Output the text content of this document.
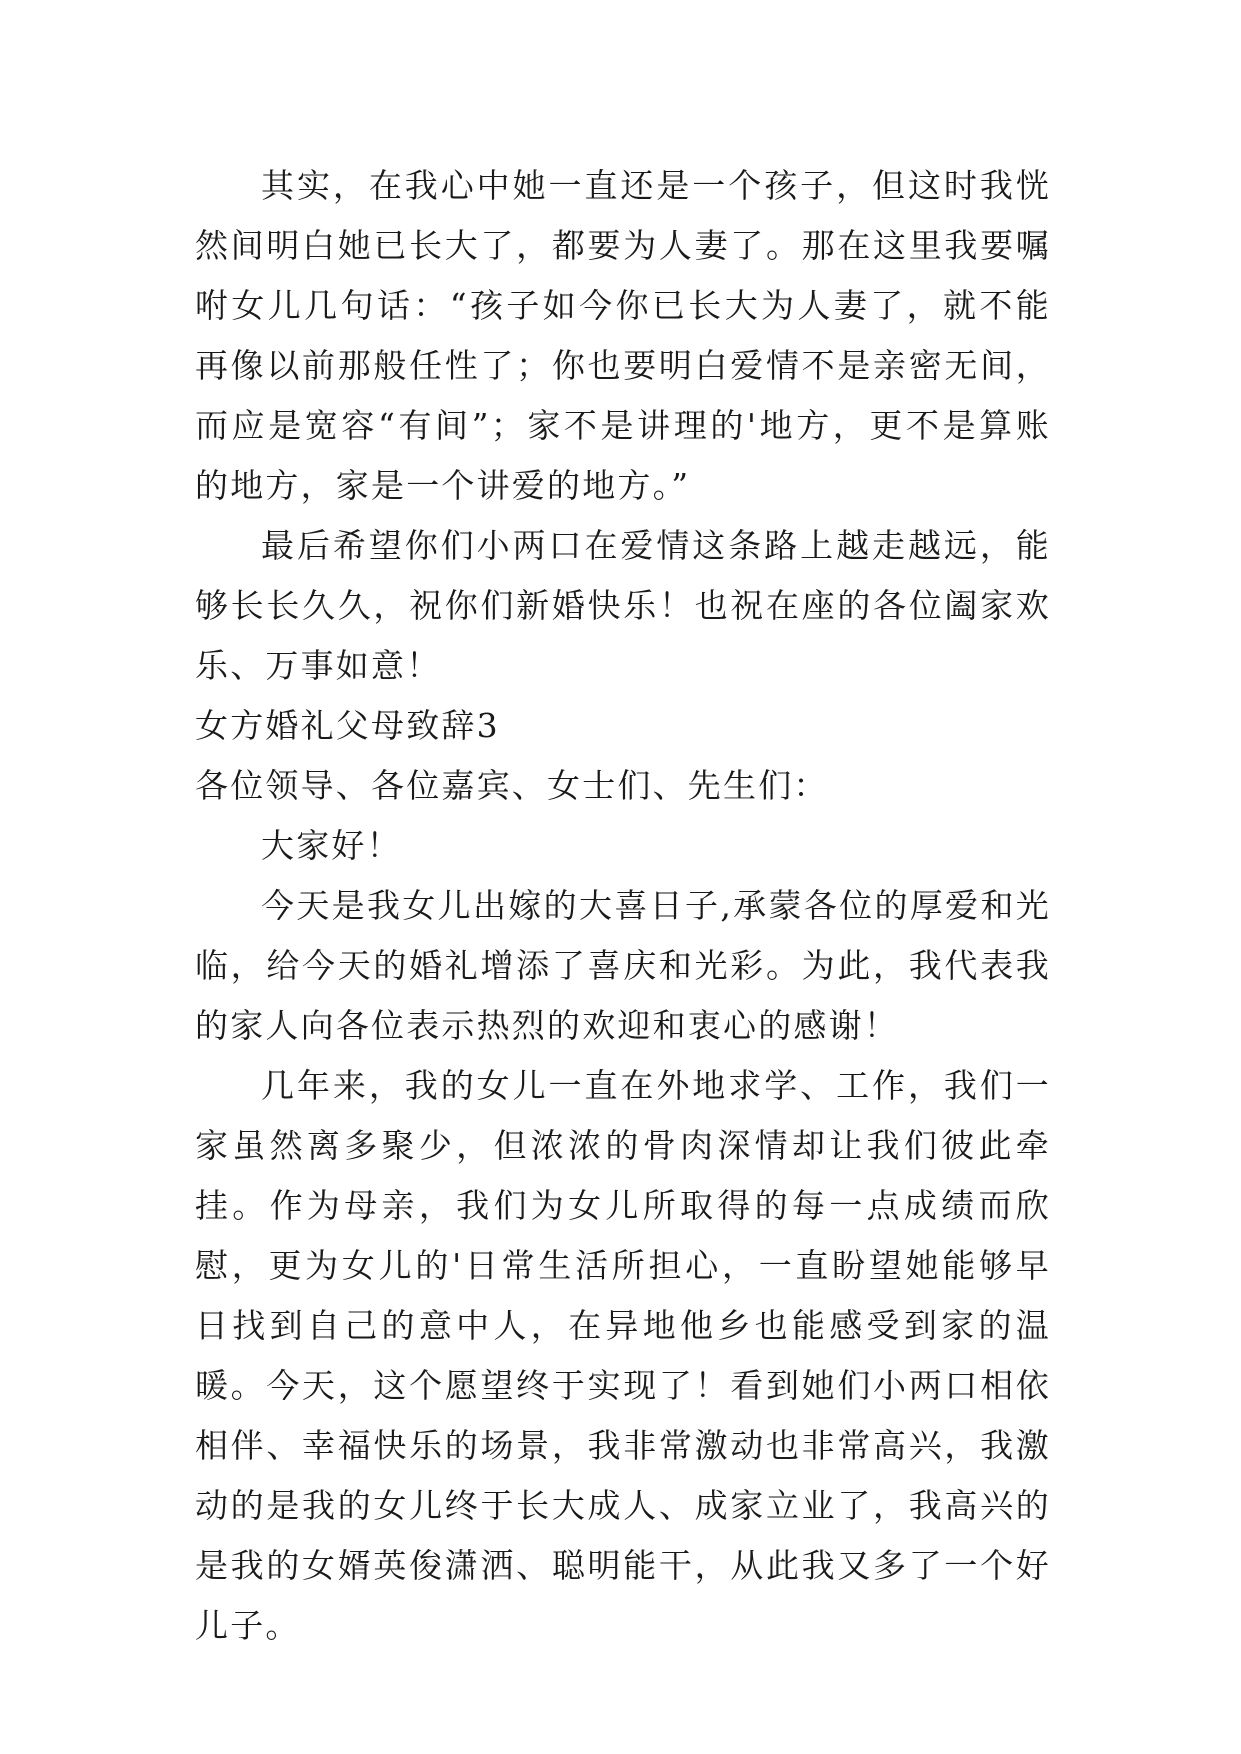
其实，在我心中她一直还是一个孩子，但这时我恍然间明白她已长大了，都要为人妻了。那在这里我要嘱咐女儿几句话：“孩子如今你已长大为人妻了，就不能再像以前那般任性了；你也要明白爱情不是亲密无间，而应是宽容“有间”；家不是讲理的'地方，更不是算账的地方，家是一个讲爱的地方。”

最后希望你们小两口在爱情这条路上越走越远，能够长长久久，祝你们新婚快乐！也祝在座的各位阖家欢乐、万事如意！

女方婚礼父母致辞3

各位领导、各位嘉宾、女士们、先生们：

大家好！

今天是我女儿出嫁的大喜日子,承蒙各位的厚爱和光临，给今天的婚礼增添了喜庆和光彩。为此，我代表我的家人向各位表示热烈的欢迎和衷心的感谢！

几年来，我的女儿一直在外地求学、工作，我们一家虽然离多聚少，但浓浓的骨肉深情却让我们彼此牵挂。作为母亲，我们为女儿所取得的每一点成绩而欣慰，更为女儿的'日常生活所担心，一直盼望她能够早日找到自己的意中人，在异地他乡也能感受到家的温暖。今天，这个愿望终于实现了！看到她们小两口相依相伴、幸福快乐的场景，我非常激动也非常高兴，我激动的是我的女儿终于长大成人、成家立业了，我高兴的是我的女婿英俊潇洒、聪明能干，从此我又多了一个好儿子。
